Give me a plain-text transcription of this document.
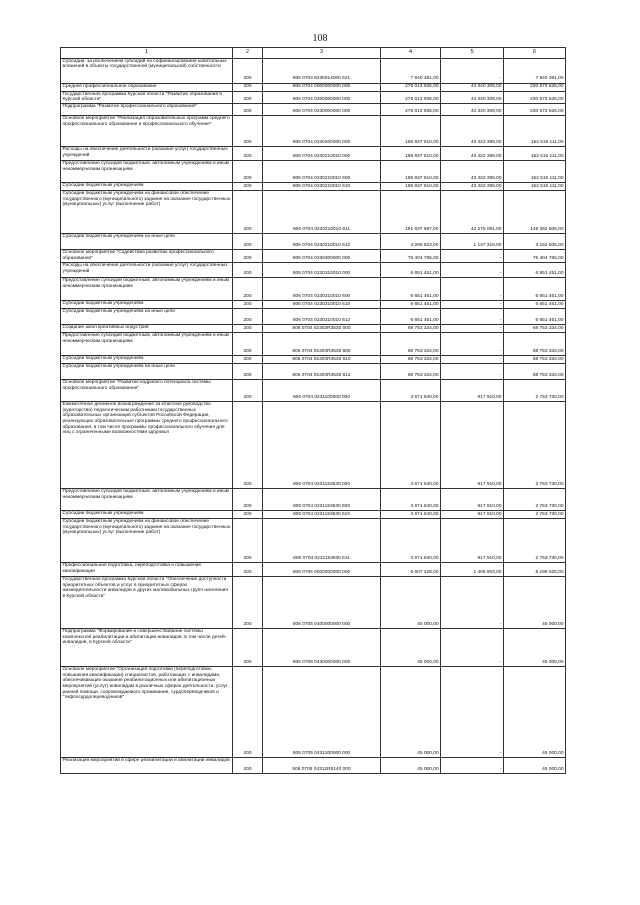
108
1	2	3	4	5	6
Субсидии, за исключением субсидий на софинансирование капитальных вложений в объекты государственной (муниципальной) собственности	200	806 0703 8230014000 521	7 940 381,00	-	7 940 381,00
Среднее профессиональное образование	200	806 0704 0000000000 000	276 013 935,00	44 340 309,00	230 673 626,00
Государственная программа Курской области "Развитие образования в Курской области"	200	806 0704 0200000000 000	276 013 935,00	44 340 309,00	230 673 626,00
Подпрограмма "Развитие профессионального образования"	200	806 0704 0230000000 000	276 013 935,00	44 340 309,00	230 673 626,00
Основное мероприятие "Реализация образовательных программ среднего профессионального образования и профессионального обучения"	200	806 0704 0230200000 000	195 937 510,00	43 422 399,00	152 515 111,00
Расходы на обеспечение деятельности (оказание услуг) государственных учреждений	200	806 0704 0230210010 000	195 937 510,00	43 422 399,00	152 515 111,00
Предоставление субсидий бюджетным, автономным учреждениям и иным некоммерческим организациям	200	806 0704 0230210010 600	195 937 510,00	43 422 399,00	152 515 111,00
Субсидии бюджетным учреждениям	200	806 0704 0230210010 610	195 937 510,00	43 422 399,00	152 515 111,00
Субсидии бюджетным учреждениям на финансовое обеспечение государственного (муниципального) задания на оказание государственных (муниципальных) услуг (выполнение работ)	200	806 0704 0230210010 611	191 637 687,00	42 275 081,00	149 362 606,00
Субсидии бюджетным учреждениям на иные цели	200	806 0704 0230210010 612	4 299 823,00	1 147 318,00	3 152 505,00
Основное мероприятие "Содействие развитию профессионального образования"	200	806 0704 0230300000 000	75 404 765,00	-	75 404 765,00
Расходы на обеспечение деятельности (оказание услуг) государственных учреждений	200	806 0704 0230310010 000	6 651 451,00	-	6 651 451,00
Предоставление субсидий бюджетным, автономным учреждениям и иным некоммерческим организациям	200	806 0704 0230310010 600	6 651 451,00	-	6 651 451,00
Субсидии бюджетным учреждениям	200	806 0704 0230310010 610	6 651 451,00	-	6 651 451,00
Субсидии бюджетным учреждениям на иные цели	200	806 0704 0230310010 612	6 651 451,00	-	6 651 451,00
Создание школ креативных индустрий	200	806 0704 02303R3530 000	68 753 334,00	-	68 753 334,00
Предоставление субсидий бюджетным, автономным учреждениям и иным некоммерческим организациям	200	806 0704 02303R3530 600	68 753 334,00	-	68 753 334,00
Субсидии бюджетным учреждениям	200	806 0704 02303R3530 610	68 753 334,00	-	68 753 334,00
Субсидии бюджетным учреждениям на иные цели	200	806 0704 02303R3530 612	68 753 334,00	-	68 753 334,00
Основное мероприятие "Развитие кадрового потенциала системы профессионального образования"	200	806 0704 0231100000 000	3 671 640,00	917 910,00	2 753 730,00
Ежемесячное денежное вознаграждение за классное руководство (кураторство) педагогическим работникам государственных образовательных организаций субъектов Российской Федерации, реализующих образовательные программы среднего профессионального образования, в том числе программы профессионального обучения для лиц с ограниченными возможностями здоровья	200	806 0704 0231153630 000	3 671 640,00	917 910,00	2 753 730,00
Предоставление субсидий бюджетным, автономным учреждениям и иным некоммерческим организациям	200	806 0704 0231153630 600	3 671 640,00	917 910,00	2 753 730,00
Субсидии бюджетным учреждениям	200	806 0704 0231153630 610	3 671 640,00	917 910,00	2 753 730,00
Субсидии бюджетным учреждениям на финансовое обеспечение государственного (муниципального) задания на оказание государственных (муниципальных) услуг (выполнение работ)	200	806 0704 0231153630 611	3 671 640,00	917 910,00	2 753 730,00
Профессиональная подготовка, переподготовка и повышение квалификации	200	806 0705 0000000000 000	6 607 428,00	1 408 903,00	5 198 525,00
Государственная программа Курской области "Обеспечение доступности приоритетных объектов и услуг в приоритетных сферах жизнедеятельности инвалидов и других маломобильных групп населения в Курской области"	200	806 0705 0400000000 000	45 000,00	-	45 000,00
Подпрограмма "Формирование и совершенствование системы комплексной реабилитации и абилитации инвалидов, в том числе детей-инвалидов, в Курской области"	200	806 0705 0430000000 000	45 000,00	-	45 000,00
Основное мероприятие "Организация подготовки (переподготовки, повышения квалификации) специалистов, работающих с инвалидами, обеспечивающих оказание реабилитационных или абилитационных мероприятий (услуг) инвалидам в различных сферах деятельности, услуг ранней помощи, сопровождаемого проживания, сурдопереводчиков и "тифлосурдопереводчиков"	200	806 0705 0431200000 000	45 000,00	-	45 000,00
Реализация мероприятий в сфере реабилитации и абилитации инвалидов	200	806 0705 04312R5140 000	45 000,00	-	45 000,00
